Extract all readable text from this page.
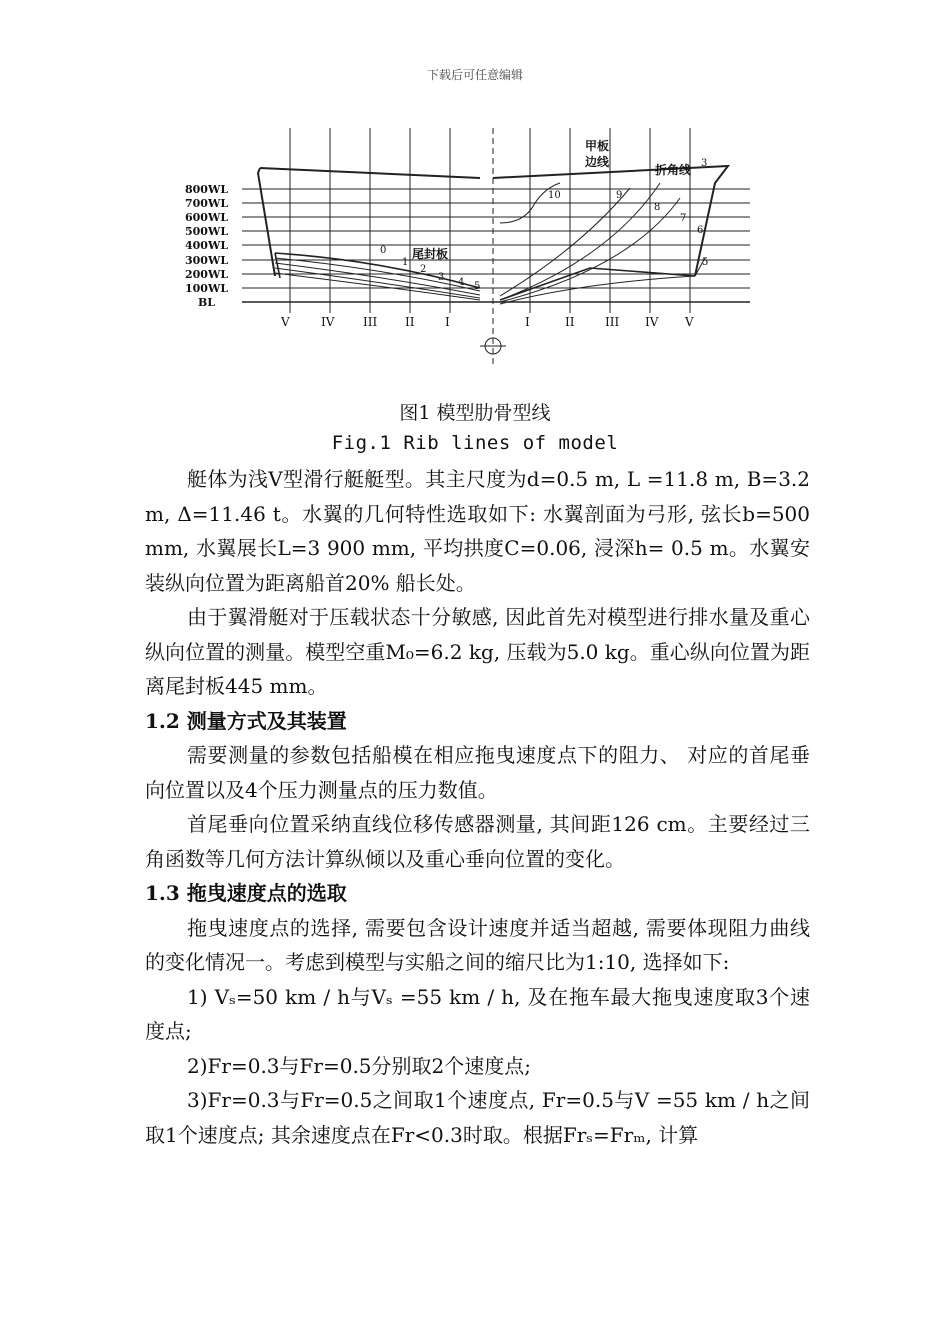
下载后可任意编辑
800WL
700WL
600WL
500WL
400WL
300WL
200WL
100WL
BL
V	IV III II	I	I	II	III IV V
甲板
边线
折角线
尾封板
0
1
2
3 4 5
3
5
6
7
8
9
10
图1 模型肋骨型线
Fig.1 Rib lines of model

艇体为浅V型滑行艇艇型。其主尺度为d=0.5 m, L =11.8 m, B=3.2 m, Δ=11.46 t。水翼的几何特性选取如下: 水翼剖面为弓形, 弦长b=500 mm, 水翼展长L=3 900 mm, 平均拱度C=0.06, 浸深h= 0.5 m。水翼安装纵向位置为距离船首20% 船长处。

由于翼滑艇对于压载状态十分敏感, 因此首先对模型进行排水量及重心纵向位置的测量。模型空重M₀=6.2 kg, 压载为5.0 kg。重心纵向位置为距离尾封板445 mm。

1.2 测量方式及其装置

需要测量的参数包括船模在相应拖曳速度点下的阻力、 对应的首尾垂向位置以及4个压力测量点的压力数值。

首尾垂向位置采纳直线位移传感器测量, 其间距126 cm。主要经过三角函数等几何方法计算纵倾以及重心垂向位置的变化。

1.3 拖曳速度点的选取

拖曳速度点的选择, 需要包含设计速度并适当超越, 需要体现阻力曲线的变化情况一。考虑到模型与实船之间的缩尺比为1:10, 选择如下:

1) Vₛ=50 km / h与Vₛ =55 km / h, 及在拖车最大拖曳速度取3个速度点;

2)Fr=0.3与Fr=0.5分别取2个速度点;

3)Fr=0.3与Fr=0.5之间取1个速度点, Fr=0.5与V =55 km / h之间取1个速度点; 其余速度点在Fr<0.3时取。根据Frₛ=Frₘ, 计算
